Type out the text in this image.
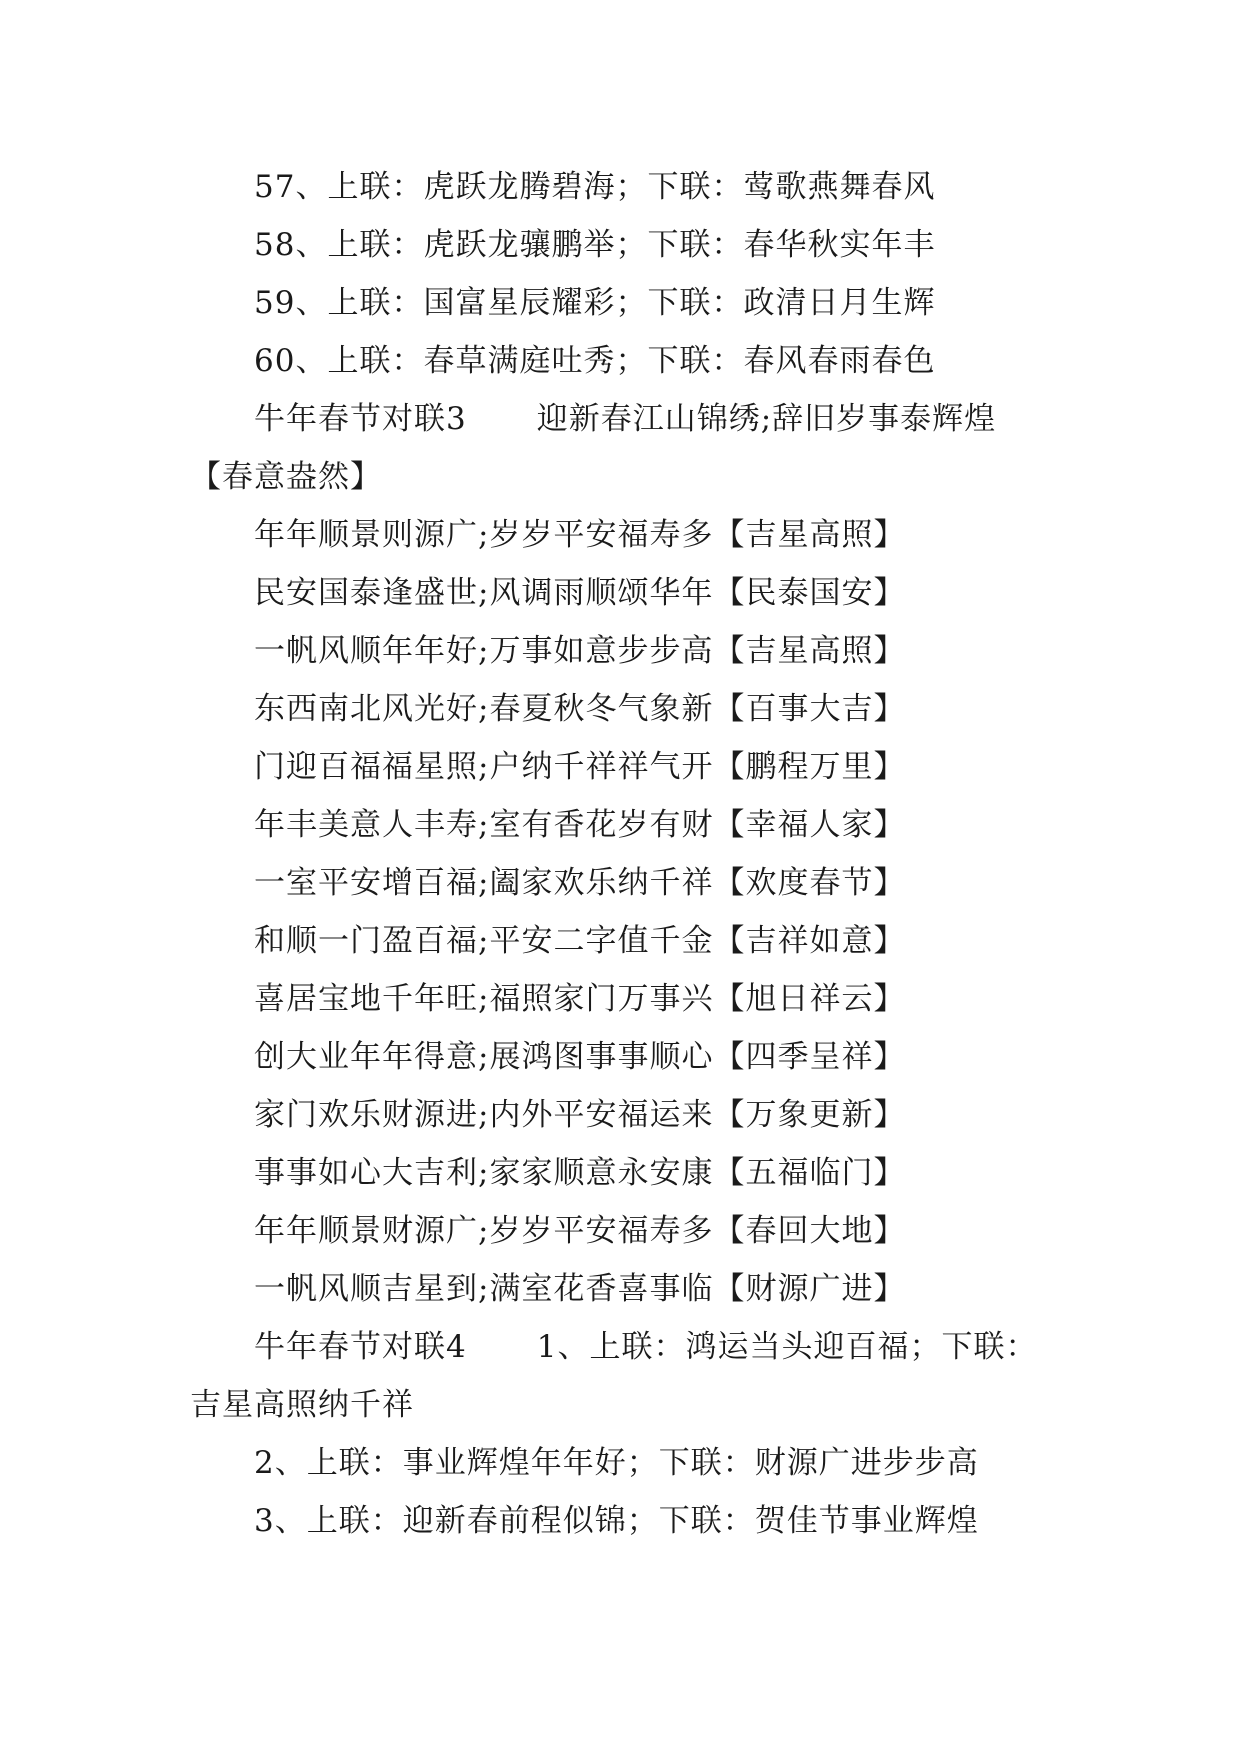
57、上联：虎跃龙腾碧海；下联：莺歌燕舞春风
58、上联：虎跃龙骧鹏举；下联：春华秋实年丰
59、上联：国富星辰耀彩；下联：政清日月生辉
60、上联：春草满庭吐秀；下联：春风春雨春色
牛年春节对联3 迎新春江山锦绣;辞旧岁事泰辉煌
【春意盎然】
年年顺景则源广;岁岁平安福寿多【吉星高照】
民安国泰逢盛世;风调雨顺颂华年【民泰国安】
一帆风顺年年好;万事如意步步高【吉星高照】
东西南北风光好;春夏秋冬气象新【百事大吉】
门迎百福福星照;户纳千祥祥气开【鹏程万里】
年丰美意人丰寿;室有香花岁有财【幸福人家】
一室平安增百福;阖家欢乐纳千祥【欢度春节】
和顺一门盈百福;平安二字值千金【吉祥如意】
喜居宝地千年旺;福照家门万事兴【旭日祥云】
创大业年年得意;展鸿图事事顺心【四季呈祥】
家门欢乐财源进;内外平安福运来【万象更新】
事事如心大吉利;家家顺意永安康【五福临门】
年年顺景财源广;岁岁平安福寿多【春回大地】
一帆风顺吉星到;满室花香喜事临【财源广进】
牛年春节对联4 1、上联：鸿运当头迎百福；下联：
吉星高照纳千祥
2、上联：事业辉煌年年好；下联：财源广进步步高
3、上联：迎新春前程似锦；下联：贺佳节事业辉煌
